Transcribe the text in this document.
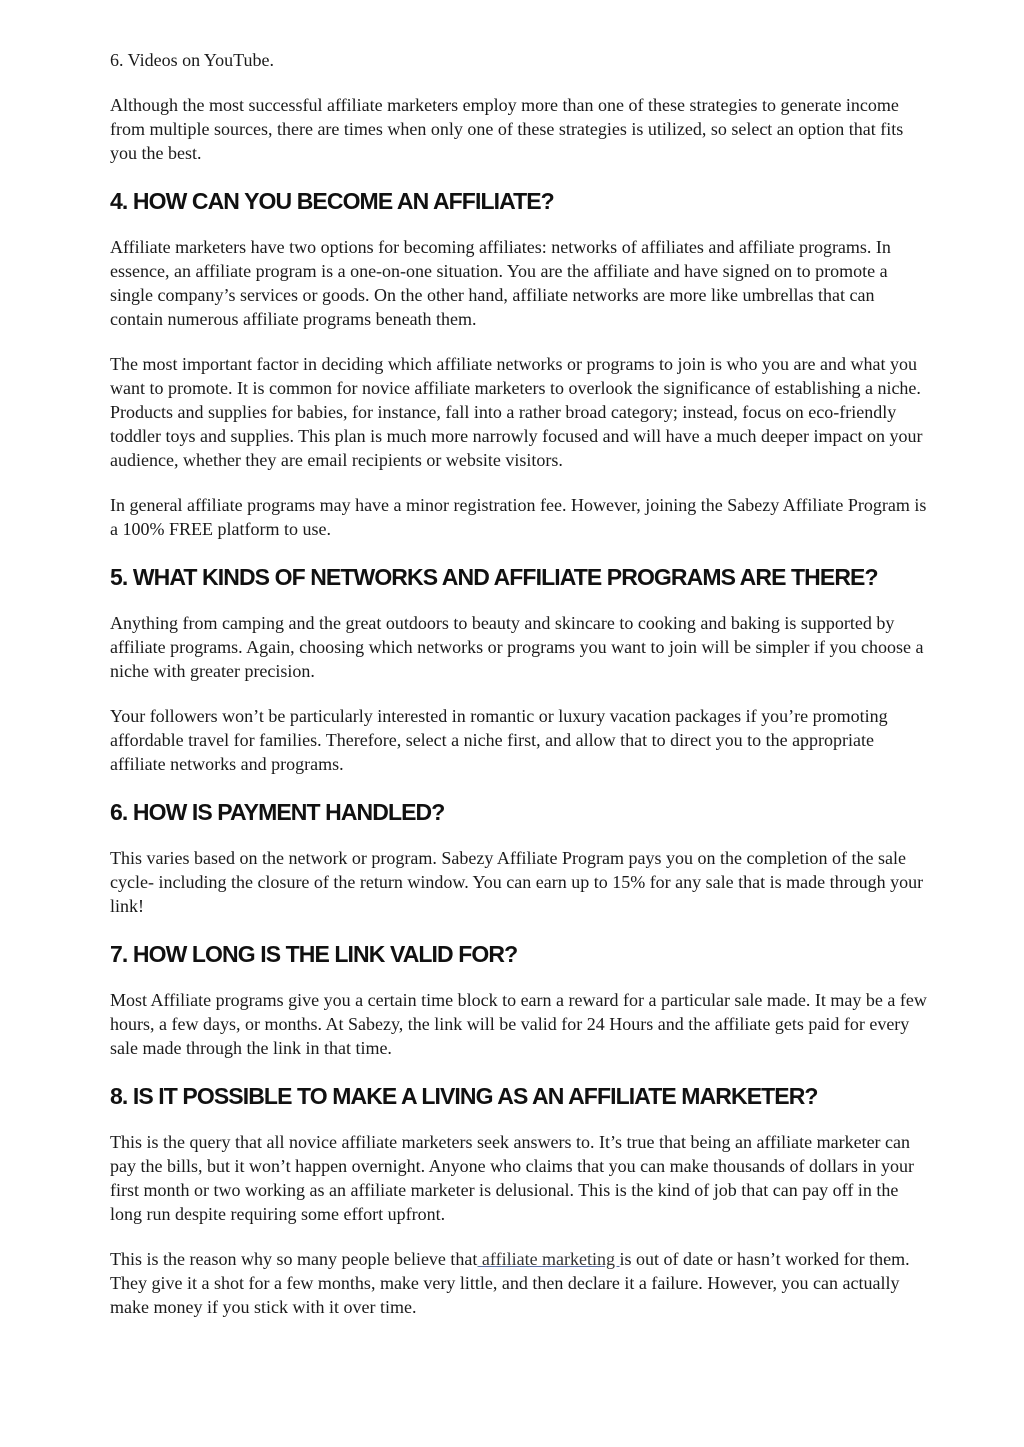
6. Videos on YouTube.

Although the most successful affiliate marketers employ more than one of these strategies to generate income from multiple sources, there are times when only one of these strategies is utilized, so select an option that fits you the best.

4. HOW CAN YOU BECOME AN AFFILIATE?

Affiliate marketers have two options for becoming affiliates: networks of affiliates and affiliate programs. In essence, an affiliate program is a one-on-one situation. You are the affiliate and have signed on to promote a single company’s services or goods. On the other hand, affiliate networks are more like umbrellas that can contain numerous affiliate programs beneath them.

The most important factor in deciding which affiliate networks or programs to join is who you are and what you want to promote. It is common for novice affiliate marketers to overlook the significance of establishing a niche. Products and supplies for babies, for instance, fall into a rather broad category; instead, focus on eco-friendly toddler toys and supplies. This plan is much more narrowly focused and will have a much deeper impact on your audience, whether they are email recipients or website visitors.

In general affiliate programs may have a minor registration fee. However, joining the Sabezy Affiliate Program is a 100% FREE platform to use.

5. WHAT KINDS OF NETWORKS AND AFFILIATE PROGRAMS ARE THERE?

Anything from camping and the great outdoors to beauty and skincare to cooking and baking is supported by affiliate programs. Again, choosing which networks or programs you want to join will be simpler if you choose a niche with greater precision.

Your followers won’t be particularly interested in romantic or luxury vacation packages if you’re promoting affordable travel for families. Therefore, select a niche first, and allow that to direct you to the appropriate affiliate networks and programs.

6. HOW IS PAYMENT HANDLED?

This varies based on the network or program. Sabezy Affiliate Program pays you on the completion of the sale cycle- including the closure of the return window. You can earn up to 15% for any sale that is made through your link!

7. HOW LONG IS THE LINK VALID FOR?

Most Affiliate programs give you a certain time block to earn a reward for a particular sale made. It may be a few hours, a few days, or months. At Sabezy, the link will be valid for 24 Hours and the affiliate gets paid for every sale made through the link in that time.

8. IS IT POSSIBLE TO MAKE A LIVING AS AN AFFILIATE MARKETER?

This is the query that all novice affiliate marketers seek answers to. It’s true that being an affiliate marketer can pay the bills, but it won’t happen overnight. Anyone who claims that you can make thousands of dollars in your first month or two working as an affiliate marketer is delusional. This is the kind of job that can pay off in the long run despite requiring some effort upfront.

This is the reason why so many people believe that affiliate marketing is out of date or hasn’t worked for them. They give it a shot for a few months, make very little, and then declare it a failure. However, you can actually make money if you stick with it over time.
